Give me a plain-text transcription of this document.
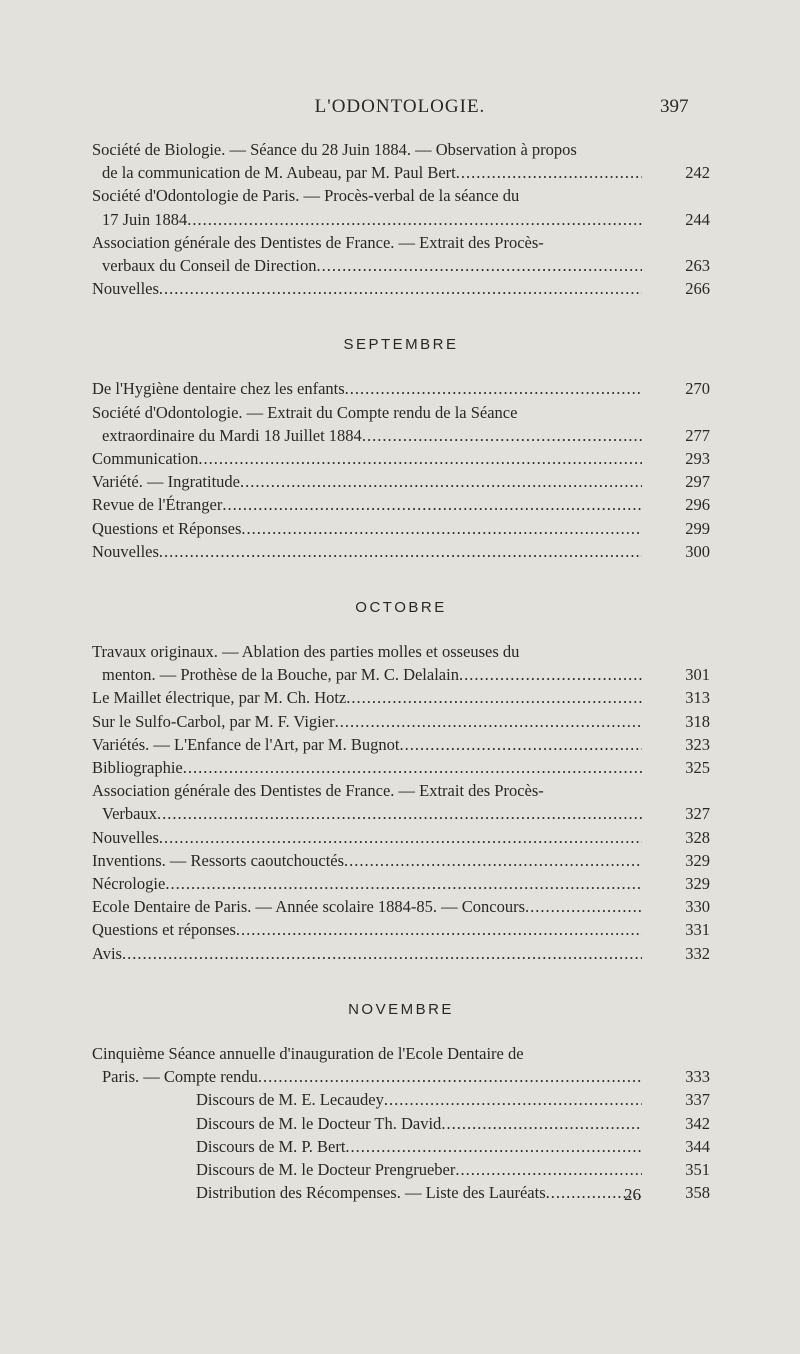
L'ODONTOLOGIE.	397
Société de Biologie. — Séance du 28 Juin 1884. — Observation à propos
de la communication de M. Aubeau, par M. Paul Bert .....	242
Société d'Odontologie de Paris. — Procès-verbal de la séance du
17 Juin 1884 .....	244
Association générale des Dentistes de France. — Extrait des Procès-
verbaux du Conseil de Direction .....	263
Nouvelles .....	266
SEPTEMBRE
De l'Hygiène dentaire chez les enfants .....	270
Société d'Odontologie. — Extrait du Compte rendu de la Séance
extraordinaire du Mardi 18 Juillet 1884 .....	277
Communication .....	293
Variété. — Ingratitude .....	297
Revue de l'Étranger .....	296
Questions et Réponses .....	299
Nouvelles .....	300
OCTOBRE
Travaux originaux. — Ablation des parties molles et osseuses du
menton. — Prothèse de la Bouche, par M. C. Delalain .....	301
Le Maillet électrique, par M. Ch. Hotz .....	313
Sur le Sulfo-Carbol, par M. F. Vigier .....	318
Variétés. — L'Enfance de l'Art, par M. Bugnot .....	323
Bibliographie .....	325
Association générale des Dentistes de France. — Extrait des Procès-
Verbaux .....	327
Nouvelles .....	328
Inventions. — Ressorts caoutchouctés .....	329
Nécrologie .....	329
Ecole Dentaire de Paris. — Année scolaire 1884-85. — Concours .....	330
Questions et réponses .....	331
Avis .....	332
NOVEMBRE
Cinquième Séance annuelle d'inauguration de l'Ecole Dentaire de
Paris. — Compte rendu .....	333
Discours de M. E. Lecaudey .....	337
Discours de M. le Docteur Th. David .....	342
Discours de M. P. Bert .....	344
Discours de M. le Docteur Prengrueber .....	351
Distribution des Récompenses. — Liste des Lauréats .....	358
26
